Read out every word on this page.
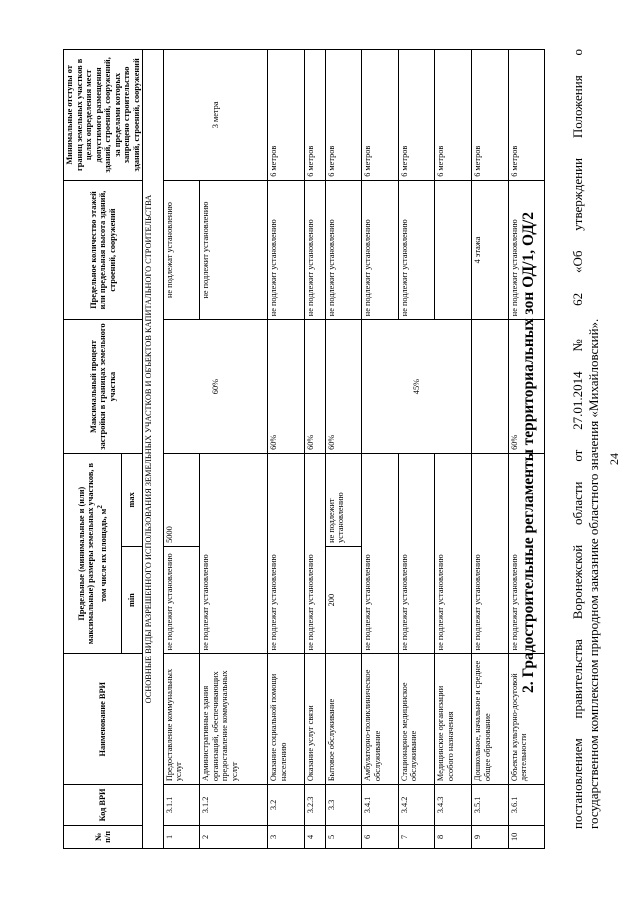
24
постановлением правительства Воронежской области от 27.01.2014 № 62 «Об утверждении Положения о государственном комплексном природном заказнике областного значения «Михайловский».
2. Градостроительные регламенты территориальных зон ОД/1, ОД/2
№ п/п	Код ВРИ	Наименование ВРИ	Предельные (минимальные и (или) максимальные) размеры земельных участков, в том числе их площадь, $м^2$		Максимальный процент застройки в границах земельного участка	Предельное количество этажей или предельная высота зданий, строений, сооружений	Минимальные отступы от границ земельных участков в целях определения мест допустимого размещения зданий, строений, сооружений, за пределами которых запрещено строительство зданий, строений, сооружений
			min	max			
ОСНОВНЫЕ ВИДЫ РАЗРЕШЕННОГО ИСПОЛЬЗОВАНИЯ ЗЕМЕЛЬНЫХ УЧАСТКОВ И ОБЪЕКТОВ КАПИТАЛЬНОГО СТРОИТЕЛЬСТВА							
1	3.1.1	Предоставление коммунальных услуг	не подлежит установлению	5000	60%	не подлежат установлению	3 метра
2	3.1.2	Административные здания организаций, обеспечивающих предоставление коммунальных услуг	не подлежат установлению			не подлежит установлению	
3	3.2	Оказание социальной помощи населению	не подлежат установлению		60%	не подлежит установлению	6 метров
4	3.2.3	Оказание услуг связи	не подлежат установлению		60%	не подлежит установлению	6 метров
5	3.3	Бытовое обслуживание	200	не подлежит установлению	60%	не подлежит установлению	6 метров
6	3.4.1	Амбулаторно-поликлиническое обслуживание	не подлежат установлению		45%	не подлежит установлению	6 метров
7	3.4.2	Стационарное медицинское обслуживание	не подлежат установлению			не подлежит установлению	6 метров
8	3.4.3	Медицинские организации особого назначения	не подлежат установлению				6 метров
9	3.5.1	Дошкольное, начальное и среднее общее образование	не подлежат установлению			4 этажа	6 метров
10	3.6.1	Объекты культурно-досуговой деятельности	не подлежат установлению		60%	не подлежит установлению	6 метров
